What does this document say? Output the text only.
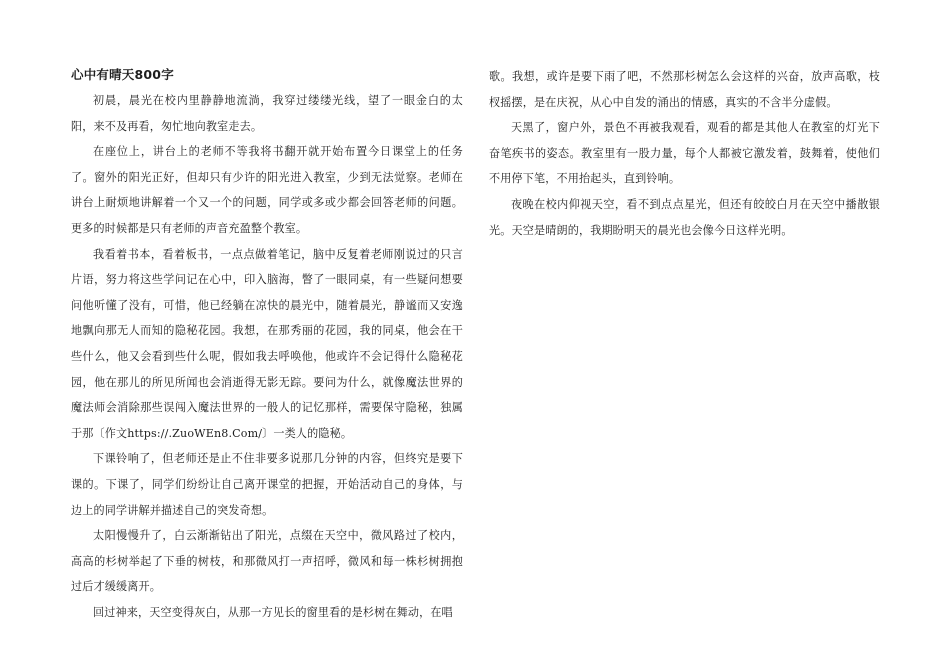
心中有晴天800字

初晨，晨光在校内里静静地流淌，我穿过缕缕光线，望了一眼金白的太阳，来不及再看，匆忙地向教室走去。

在座位上，讲台上的老师不等我将书翻开就开始布置今日课堂上的任务了。窗外的阳光正好，但却只有少许的阳光进入教室，少到无法觉察。老师在讲台上耐烦地讲解着一个又一个的问题，同学或多或少都会回答老师的问题。更多的时候都是只有老师的声音充盈整个教室。

我看着书本，看着板书，一点点做着笔记，脑中反复着老师刚说过的只言片语，努力将这些学问记在心中，印入脑海，瞥了一眼同桌，有一些疑问想要问他听懂了没有，可惜，他已经躺在凉快的晨光中，随着晨光，静谧而又安逸地飘向那无人而知的隐秘花园。我想，在那秀丽的花园，我的同桌，他会在干些什么，他又会看到些什么呢，假如我去呼唤他，他或许不会记得什么隐秘花园，他在那儿的所见所闻也会消逝得无影无踪。要问为什么，就像魔法世界的魔法师会消除那些误闯入魔法世界的一般人的记忆那样，需要保守隐秘，独属于那〔作文https://.ZuoWEn8.Com/〕一类人的隐秘。

下课铃响了，但老师还是止不住非要多说那几分钟的内容，但终究是要下课的。下课了，同学们纷纷让自己离开课堂的把握，开始活动自己的身体，与边上的同学讲解并描述自己的突发奇想。

太阳慢慢升了，白云渐渐钻出了阳光，点缀在天空中，微风路过了校内，高高的杉树举起了下垂的树枝，和那微风打一声招呼，微风和每一株杉树拥抱过后才缓缓离开。

回过神来，天空变得灰白，从那一方见长的窗里看的是杉树在舞动，在唱

歌。我想，或许是要下雨了吧，不然那杉树怎么会这样的兴奋，放声高歌，枝杈摇摆，是在庆祝，从心中自发的涌出的情感，真实的不含半分虚假。

天黑了，窗户外，景色不再被我观看，观看的都是其他人在教室的灯光下奋笔疾书的姿态。教室里有一股力量，每个人都被它激发着，鼓舞着，使他们不用停下笔，不用抬起头，直到铃响。

夜晚在校内仰视天空，看不到点点星光，但还有皎皎白月在天空中播散银光。天空是晴朗的，我期盼明天的晨光也会像今日这样光明。
